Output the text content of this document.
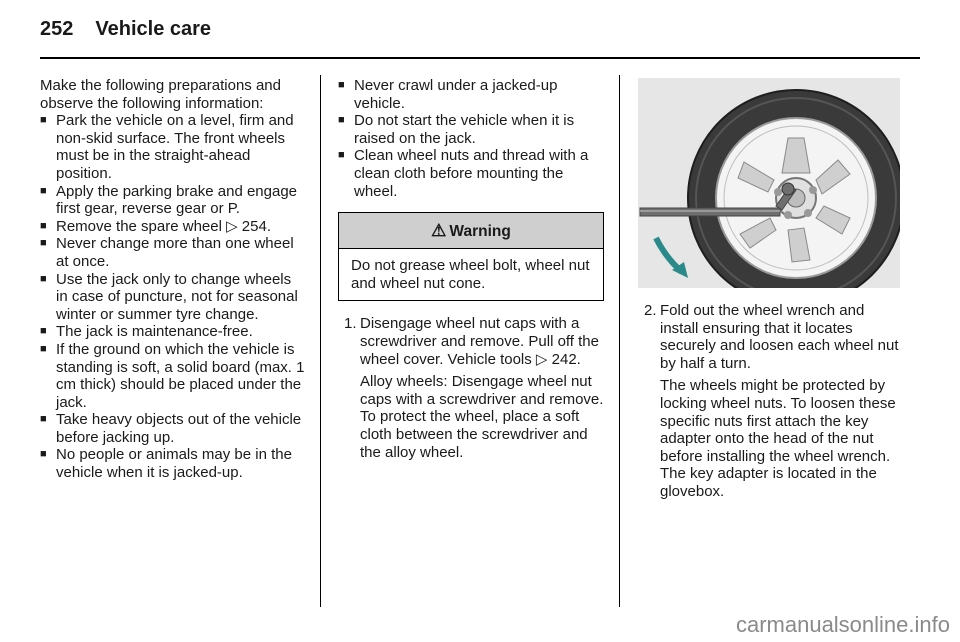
252 Vehicle care

Make the following preparations and observe the following information:

■ Park the vehicle on a level, firm and non-skid surface. The front wheels must be in the straight-ahead position.

■ Apply the parking brake and engage first gear, reverse gear or P.

■ Remove the spare wheel ▷ 254.

■ Never change more than one wheel at once.

■ Use the jack only to change wheels in case of puncture, not for seasonal winter or summer tyre change.

■ The jack is maintenance-free.

■ If the ground on which the vehicle is standing is soft, a solid board (max. 1 cm thick) should be placed under the jack.

■ Take heavy objects out of the vehicle before jacking up.

■ No people or animals may be in the vehicle when it is jacked-up.

■ Never crawl under a jacked-up vehicle.

■ Do not start the vehicle when it is raised on the jack.

■ Clean wheel nuts and thread with a clean cloth before mounting the wheel.

⚠ Warning
Do not grease wheel bolt, wheel nut and wheel nut cone.
1. Disengage wheel nut caps with a screwdriver and remove. Pull off the wheel cover. Vehicle tools ▷ 242.

Alloy wheels: Disengage wheel nut caps with a screwdriver and remove. To protect the wheel, place a soft cloth between the screwdriver and the alloy wheel.

2. Fold out the wheel wrench and install ensuring that it locates securely and loosen each wheel nut by half a turn.

The wheels might be protected by locking wheel nuts. To loosen these specific nuts first attach the key adapter onto the head of the nut before installing the wheel wrench. The key adapter is located in the glovebox.

carmanualsonline.info
